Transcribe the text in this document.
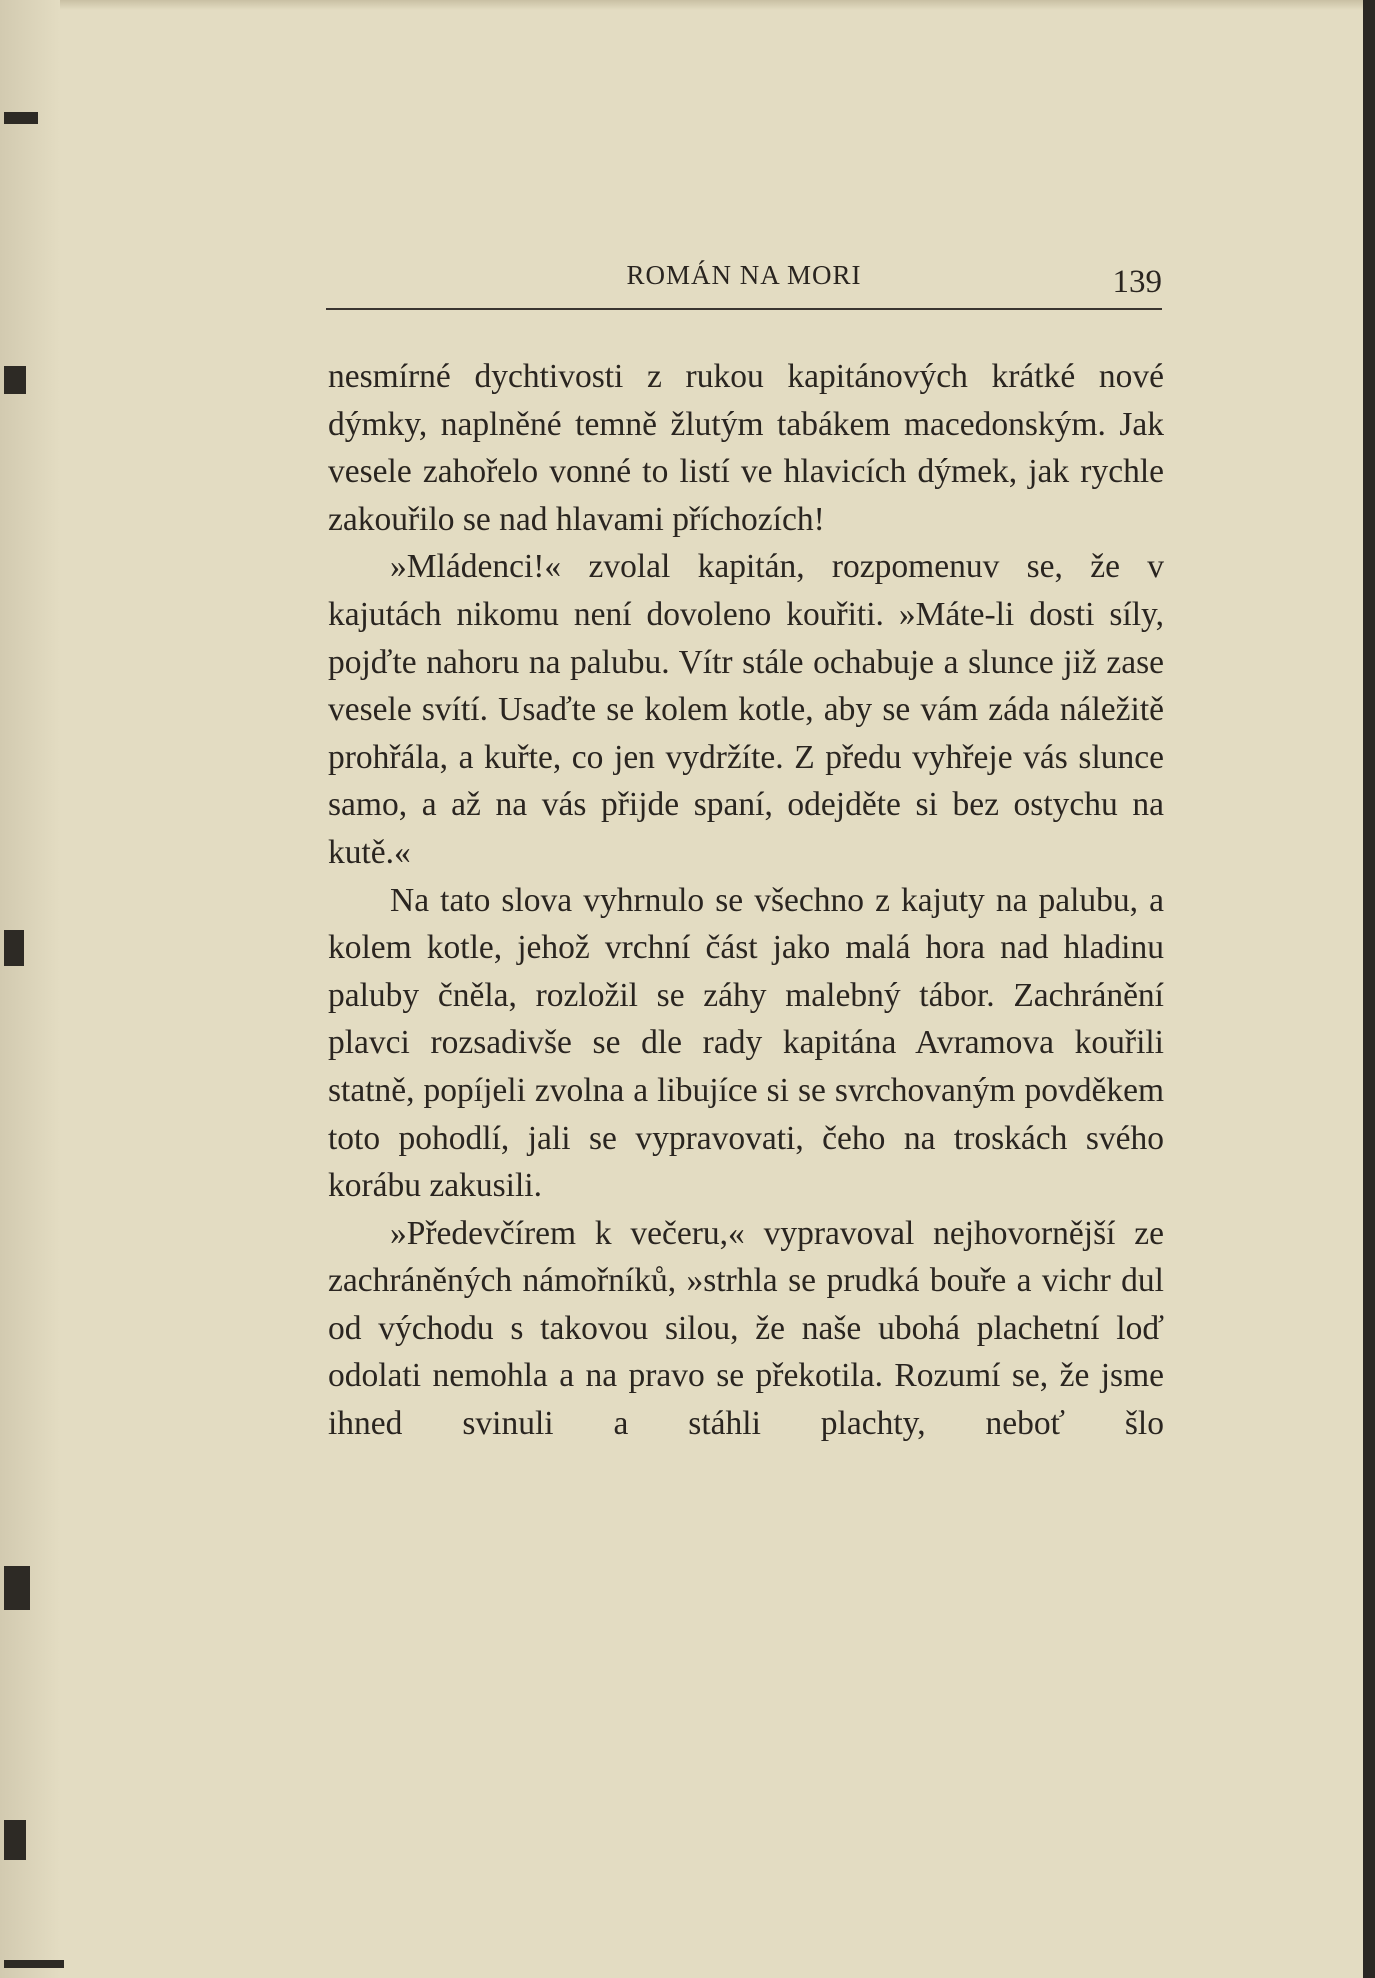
ROMÁN NA MORI	139

nesmírné dychtivosti z rukou kapitánových krátké nové dýmky, naplněné temně žlutým tabákem macedonským. Jak vesele zahořelo vonné to listí ve hlavicích dýmek, jak rychle zakouřilo se nad hlavami příchozích!

»Mládenci!« zvolal kapitán, rozpomenuv se, že v kajutách nikomu není dovoleno kouřiti. »Máte-li dosti síly, pojďte nahoru na palubu. Vítr stále ochabuje a slunce již zase vesele svítí. Usaďte se kolem kotle, aby se vám záda náležitě prohřála, a kuřte, co jen vydržíte. Z předu vyhřeje vás slunce samo, a až na vás přijde spaní, odejděte si bez ostychu na kutě.«

Na tato slova vyhrnulo se všechno z kajuty na palubu, a kolem kotle, jehož vrchní část jako malá hora nad hladinu paluby čněla, rozložil se záhy malebný tábor. Zachránění plavci rozsadivše se dle rady kapitána Avramova kouřili statně, popíjeli zvolna a libujíce si se svrchovaným povděkem toto pohodlí, jali se vypravovati, čeho na troskách svého korábu zakusili.

»Předevčírem k večeru,« vypravoval nejhovornější ze zachráněných námořníků, »strhla se prudká bouře a vichr dul od východu s takovou silou, že naše ubohá plachetní loď odolati nemohla a na pravo se překotila. Rozumí se, že jsme ihned svinuli a stáhli plachty, neboť šlo
